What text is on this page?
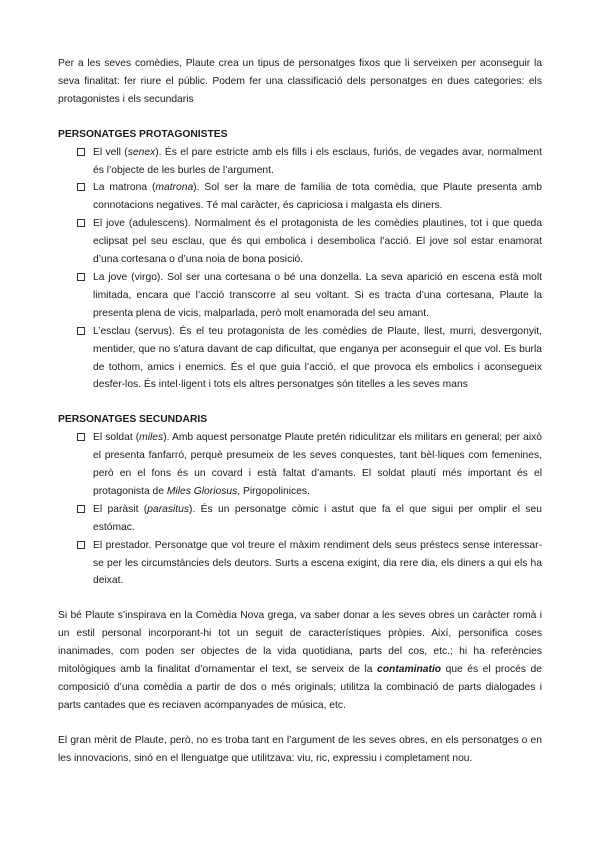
Per a les seves comèdies, Plaute crea un tipus de personatges fixos que li serveixen per aconseguir la seva finalitat: fer riure el públic. Podem fer una classificació dels personatges en dues categories: els protagonistes i els secundaris

PERSONATGES PROTAGONISTES
El vell (senex). És el pare estricte amb els fills i els esclaus, furiós, de vegades avar, normalment és l’objecte de les burles de l’argument.
La matrona (matrona). Sol ser la mare de família de tota comèdia, que Plaute presenta amb connotacions negatives. Té mal caràcter, és capriciosa i malgasta els diners.
El jove (adulescens). Normalment és el protagonista de les comèdies plautines, tot i que queda eclipsat pel seu esclau, que és qui embolica i desembolica l’acció. El jove sol estar enamorat d’una cortesana o d’una noia de bona posició.
La jove (virgo). Sol ser una cortesana o bé una donzella. La seva aparició en escena està molt limitada, encara que l’acció transcorre al seu voltant. Si es tracta d’una cortesana, Plaute la presenta plena de vicis, malparlada, però molt enamorada del seu amant.
L’esclau (servus). És el teu protagonista de les comèdies de Plaute, llest, murri, desvergonyit, mentider, que no s’atura davant de cap dificultat, que enganya per aconseguir el que vol. Es burla de tothom, amics i enemics. És el que guia l’acció, el que provoca els embolics i aconsegueix desfer-los. És intel·ligent i tots els altres personatges són titelles a les seves mans
PERSONATGES SECUNDARIS
El soldat (miles). Amb aquest personatge Plaute pretén ridiculitzar els militars en general; per això el presenta fanfarró, perquè presumeix de les seves conquestes, tant bèl·liques com femenines, però en el fons és un covard i està faltat d’amants. El soldat plautí més important és el protagonista de Miles Gloriosus, Pirgopolinices.
El paràsit (parasitus). És un personatge còmic i astut que fa el que sigui per omplir el seu estómac.
El prestador. Personatge que vol treure el màxim rendiment dels seus préstecs sense interessar-se per les circumstàncies dels deutors. Surts a escena exigint, dia rere dia, els diners a qui els ha deixat.

Si bé Plaute s’inspirava en la Comèdia Nova grega, va saber donar a les seves obres un caràcter romà i un estil personal incorporant-hi tot un seguit de característiques pròpies. Així, personifica coses inanimades, com poden ser objectes de la vida quotidiana, parts del cos, etc.; hi ha referències mitològiques amb la finalitat d’ornamentar el text, se serveix de la contaminatio que és el procés de composició d’una comèdia a partir de dos o més originals; utilitza la combinació de parts dialogades i parts cantades que es reciaven acompanyades de música, etc.

El gran mèrit de Plaute, però, no es troba tant en l’argument de les seves obres, en els personatges o en les innovacions, sinó en el llenguatge que utilitzava: viu, ric, expressiu i completament nou.
